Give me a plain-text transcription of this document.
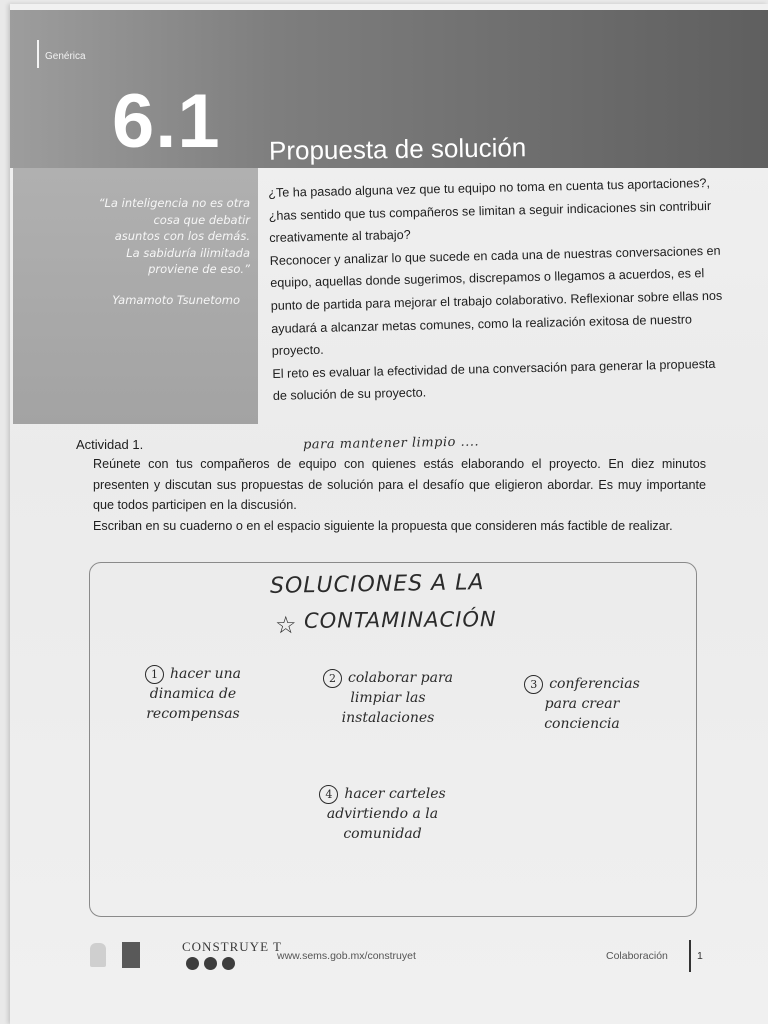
Genérica
6.1 Propuesta de solución
“La inteligencia no es otra
cosa que debatir
asuntos con los demás.
La sabiduría ilimitada
proviene de eso.”
Yamamoto Tsunetomo

¿Te ha pasado alguna vez que tu equipo no toma en cuenta tus aportaciones?, ¿has sentido que tus compañeros se limitan a seguir indicaciones sin contribuir creativamente al trabajo?

Reconocer y analizar lo que sucede en cada una de nuestras conversaciones en equipo, aquellas donde sugerimos, discrepamos o llegamos a acuerdos, es el punto de partida para mejorar el trabajo colaborativo. Reflexionar sobre ellas nos ayudará a alcanzar metas comunes, como la realización exitosa de nuestro proyecto.

El reto es evaluar la efectividad de una conversación para generar la propuesta de solución de su proyecto.

Actividad 1.

Reúnete con tus compañeros de equipo con quienes estás elaborando el proyecto. En diez minutos presenten y discutan sus propuestas de solución para el desafío que eligieron abordar. Es muy importante que todos participen en la discusión.

Escriban en su cuaderno o en el espacio siguiente la propuesta que consideren más factible de realizar.

para mantener limpio ....
SOLUCIONES A LA
☆ CONTAMINACIÓN
1 hacer una
dinamica de
recompensas
2 colaborar para
limpiar las
instalaciones
3 conferencias
para crear
conciencia
4 hacer carteles
advirtiendo a la
comunidad
CONSTRUYE T
www.sems.gob.mx/construyet	Colaboración	1
